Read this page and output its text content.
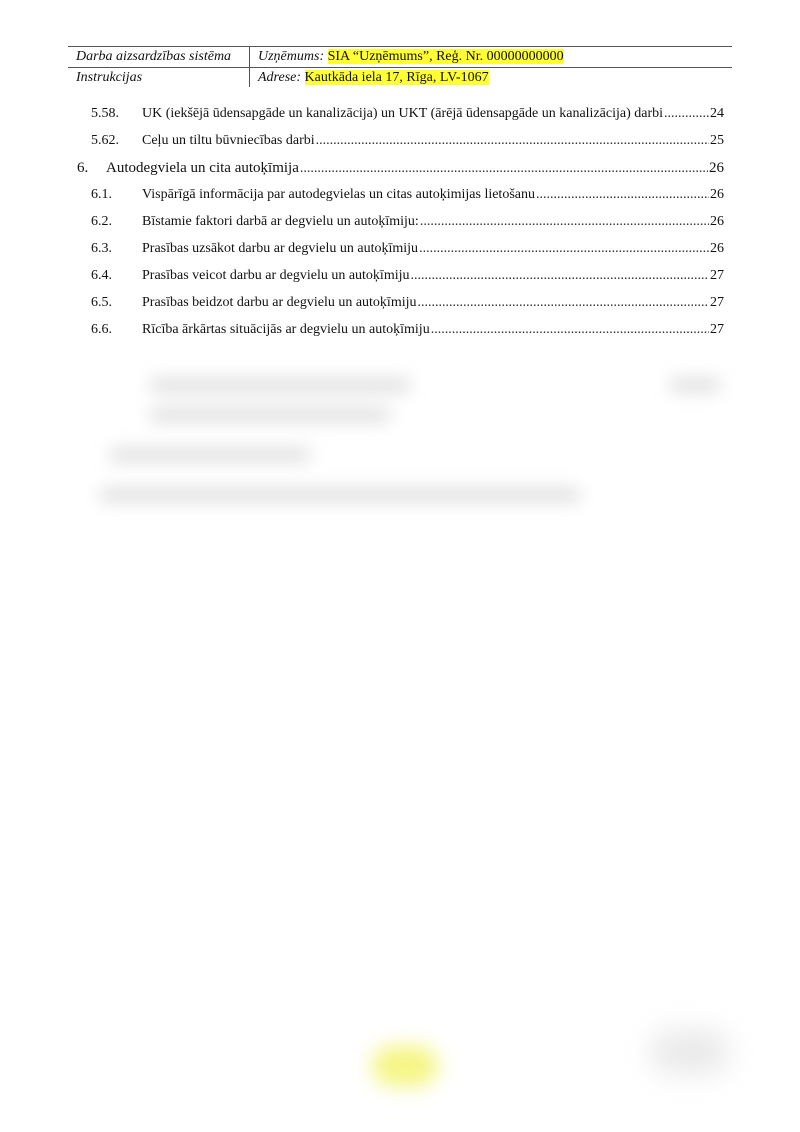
Darba aizsardzības sistēma Uzņēmums: SIA “Uzņēmums”, Reģ. Nr. 00000000000
Instrukcijas	Adrese: Kautkāda iela 17, Rīga, LV-1067
5.58.	UK (iekšējā ūdensapgāde un kanalizācija) un UKT (ārējā ūdensapgāde un kanalizācija) darbi .....	24
5.62.	Ceļu un tiltu būvniecības darbi .....	25
6.	Autodegviela un cita autoķīmija .....	26
6.1.	Vispārīgā informācija par autodegvielas un citas autoķimijas lietošanu .....	26
6.2.	Bīstamie faktori darbā ar degvielu un autoķīmiju: .....	26
6.3.	Prasības uzsākot darbu ar degvielu un autoķīmiju .....	26
6.4.	Prasības veicot darbu ar degvielu un autoķīmiju .....	27
6.5.	Prasības beidzot darbu ar degvielu un autoķīmiju .....	27
6.6.	Rīcība ārkārtas situācijās ar degvielu un autoķīmiju .....	27
